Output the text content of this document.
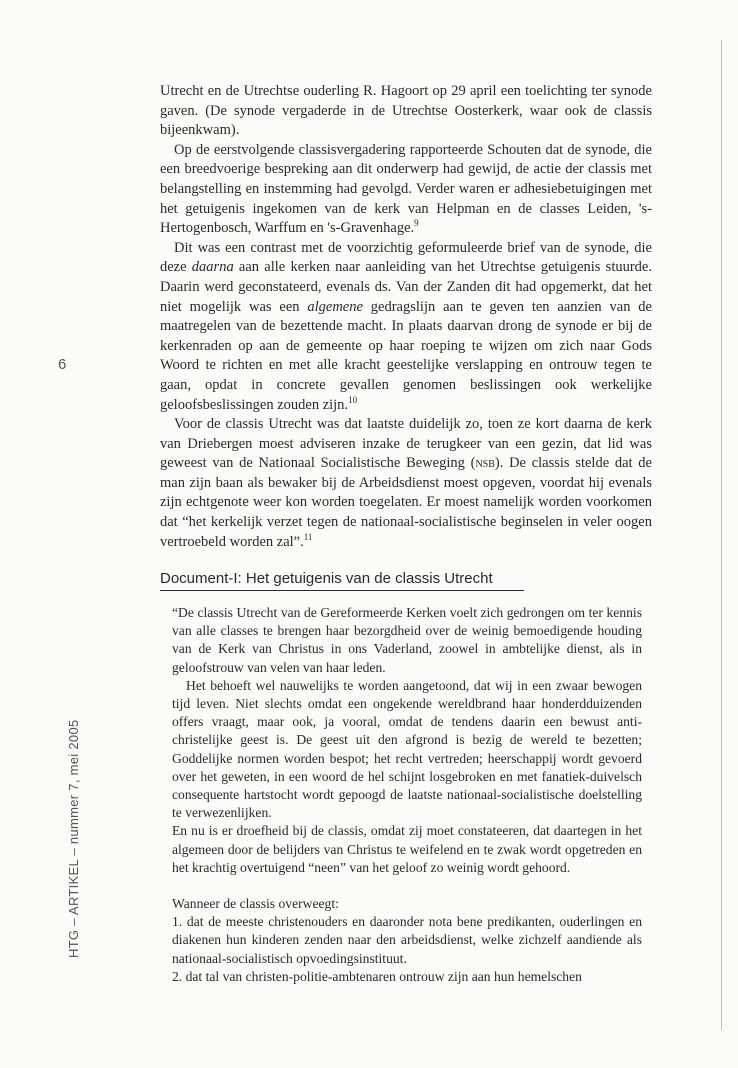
6
HTG – ARTIKEL – nummer 7, mei 2005

Utrecht en de Utrechtse ouderling R. Hagoort op 29 april een toelichting ter synode gaven. (De synode vergaderde in de Utrechtse Oosterkerk, waar ook de classis bijeenkwam).

Op de eerstvolgende classisvergadering rapporteerde Schouten dat de synode, die een breedvoerige bespreking aan dit onderwerp had gewijd, de actie der classis met belangstelling en instemming had gevolgd. Verder waren er adhesiebetuigingen met het getuigenis ingekomen van de kerk van Helpman en de classes Leiden, 's-Hertogenbosch, Warffum en 's-Gravenhage.$^9$

Dit was een contrast met de voorzichtig geformuleerde brief van de synode, die deze daarna aan alle kerken naar aanleiding van het Utrechtse getuigenis stuurde. Daarin werd geconstateerd, evenals ds. Van der Zanden dit had opgemerkt, dat het niet mogelijk was een algemene gedragslijn aan te geven ten aanzien van de maatregelen van de bezettende macht. In plaats daarvan drong de synode er bij de kerkenraden op aan de gemeente op haar roeping te wijzen om zich naar Gods Woord te richten en met alle kracht geestelijke verslapping en ontrouw tegen te gaan, opdat in concrete gevallen genomen beslissingen ook werkelijke geloofsbeslissingen zouden zijn.$^{10}$

Voor de classis Utrecht was dat laatste duidelijk zo, toen ze kort daarna de kerk van Driebergen moest adviseren inzake de terugkeer van een gezin, dat lid was geweest van de Nationaal Socialistische Beweging (nsb). De classis stelde dat de man zijn baan als bewaker bij de Arbeidsdienst moest opgeven, voordat hij evenals zijn echtgenote weer kon worden toegelaten. Er moest namelijk worden voorkomen dat “het kerkelijk verzet tegen de nationaal-socialistische beginselen in veler oogen vertroebeld worden zal”.$^{11}$

Document-I: Het getuigenis van de classis Utrecht

“De classis Utrecht van de Gereformeerde Kerken voelt zich gedrongen om ter kennis van alle classes te brengen haar bezorgdheid over de weinig bemoedigende houding van de Kerk van Christus in ons Vaderland, zoowel in ambtelijke dienst, als in geloofstrouw van velen van haar leden.

Het behoeft wel nauwelijks te worden aangetoond, dat wij in een zwaar bewogen tijd leven. Niet slechts omdat een ongekende wereldbrand haar honderdduizenden offers vraagt, maar ook, ja vooral, omdat de tendens daarin een bewust anti-christelijke geest is. De geest uit den afgrond is bezig de wereld te bezetten; Goddelijke normen worden bespot; het recht vertreden; heerschappij wordt gevoerd over het geweten, in een woord de hel schijnt losgebroken en met fanatiek-duivelsch consequente hartstocht wordt gepoogd de laatste nationaal-socialistische doelstelling te verwezenlijken.

En nu is er droefheid bij de classis, omdat zij moet constateeren, dat daartegen in het algemeen door de belijders van Christus te weifelend en te zwak wordt opgetreden en het krachtig overtuigend “neen” van het geloof zo weinig wordt gehoord.

Wanneer de classis overweegt:

1. dat de meeste christenouders en daaronder nota bene predikanten, ouderlingen en diakenen hun kinderen zenden naar den arbeidsdienst, welke zichzelf aandiende als nationaal-socialistisch opvoedingsinstituut.

2. dat tal van christen-politie-ambtenaren ontrouw zijn aan hun hemelschen
